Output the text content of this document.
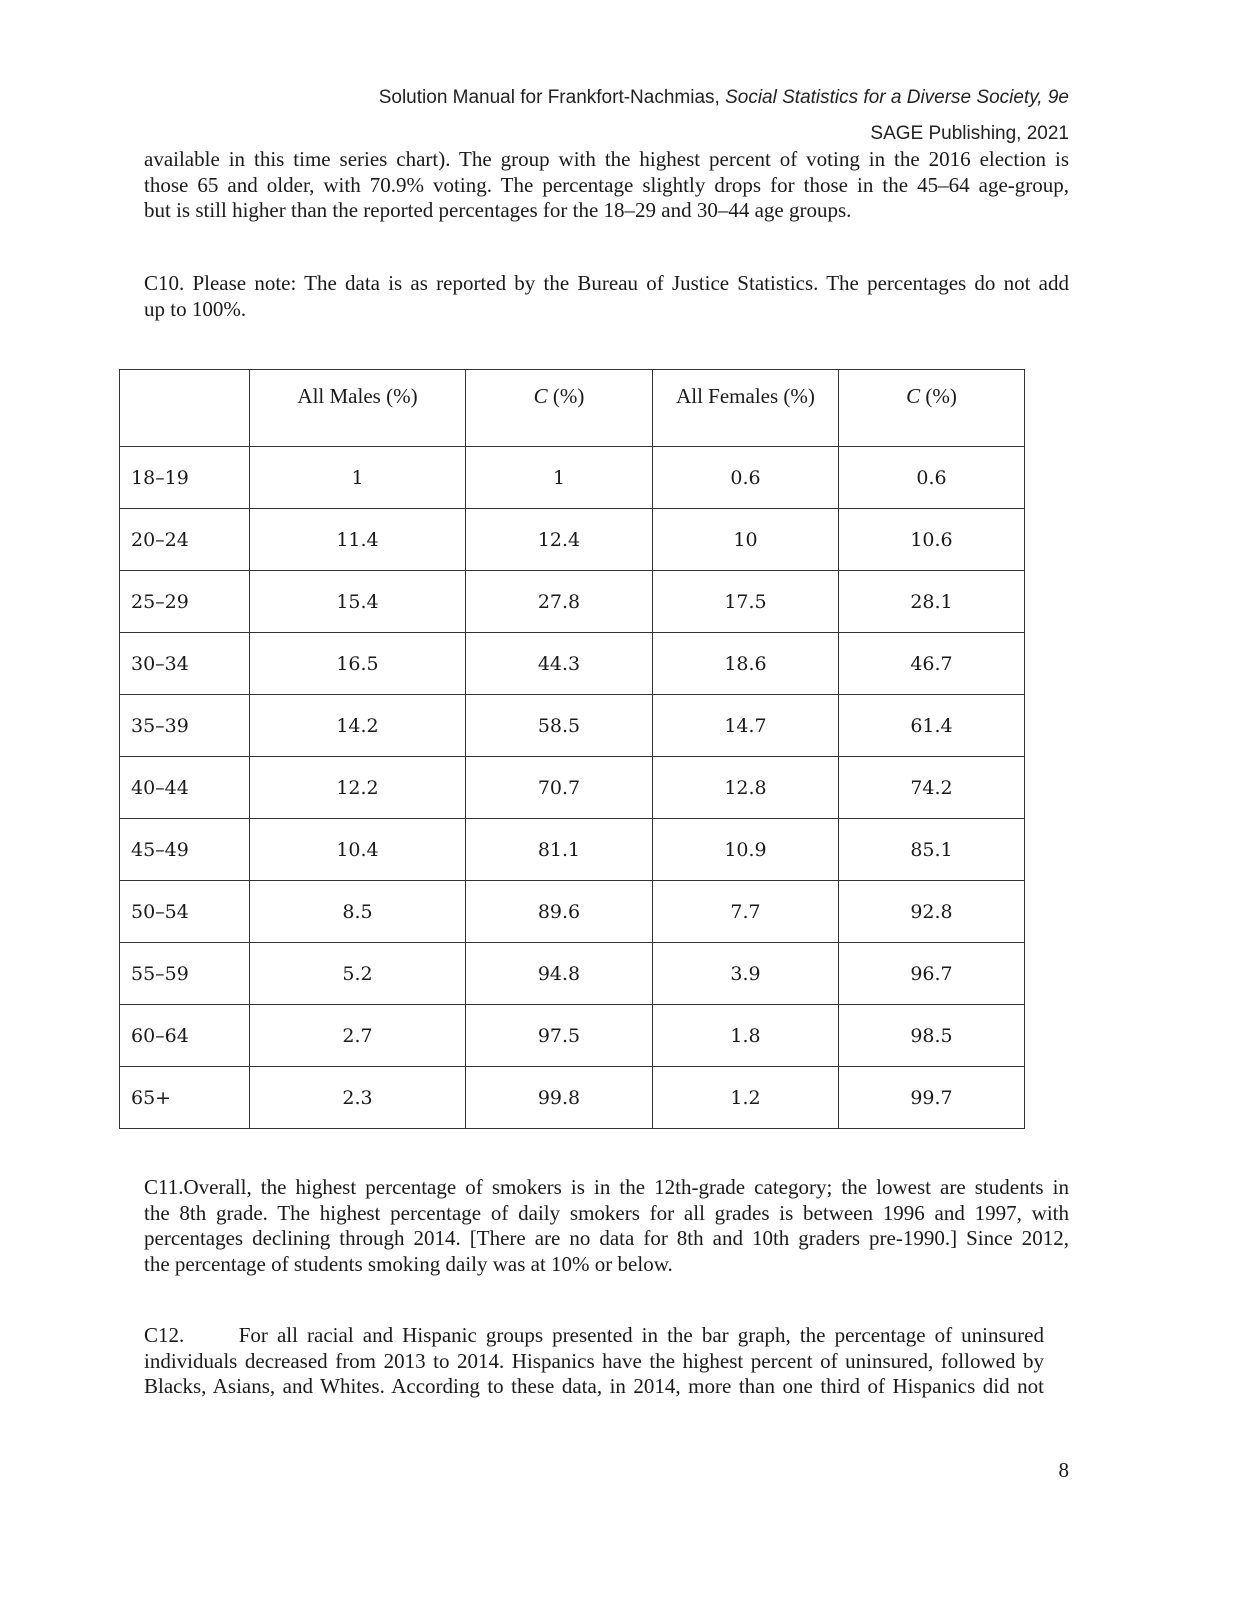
Solution Manual for Frankfort-Nachmias, Social Statistics for a Diverse Society, 9e
SAGE Publishing, 2021

available in this time series chart). The group with the highest percent of voting in the 2016 election is
those 65 and older, with 70.9% voting. The percentage slightly drops for those in the 45–64 age-group,
but is still higher than the reported percentages for the 18–29 and 30–44 age groups.

C10. Please note: The data is as reported by the Bureau of Justice Statistics. The percentages do not add
up to 100%.

	All Males (%)	C (%)	All Females (%)	C (%)
18–19	1	1	0.6	0.6
20–24	11.4	12.4	10	10.6
25–29	15.4	27.8	17.5	28.1
30–34	16.5	44.3	18.6	46.7
35–39	14.2	58.5	14.7	61.4
40–44	12.2	70.7	12.8	74.2
45–49	10.4	81.1	10.9	85.1
50–54	8.5	89.6	7.7	92.8
55–59	5.2	94.8	3.9	96.7
60–64	2.7	97.5	1.8	98.5
65+	2.3	99.8	1.2	99.7

C11.Overall, the highest percentage of smokers is in the 12th-grade category; the lowest are students in
the 8th grade. The highest percentage of daily smokers for all grades is between 1996 and 1997, with
percentages declining through 2014. [There are no data for 8th and 10th graders pre-1990.] Since 2012,
the percentage of students smoking daily was at 10% or below.

C12.      For all racial and Hispanic groups presented in the bar graph, the percentage of uninsured
individuals decreased from 2013 to 2014. Hispanics have the highest percent of uninsured, followed by
Blacks, Asians, and Whites. According to these data, in 2014, more than one third of Hispanics did not

8
